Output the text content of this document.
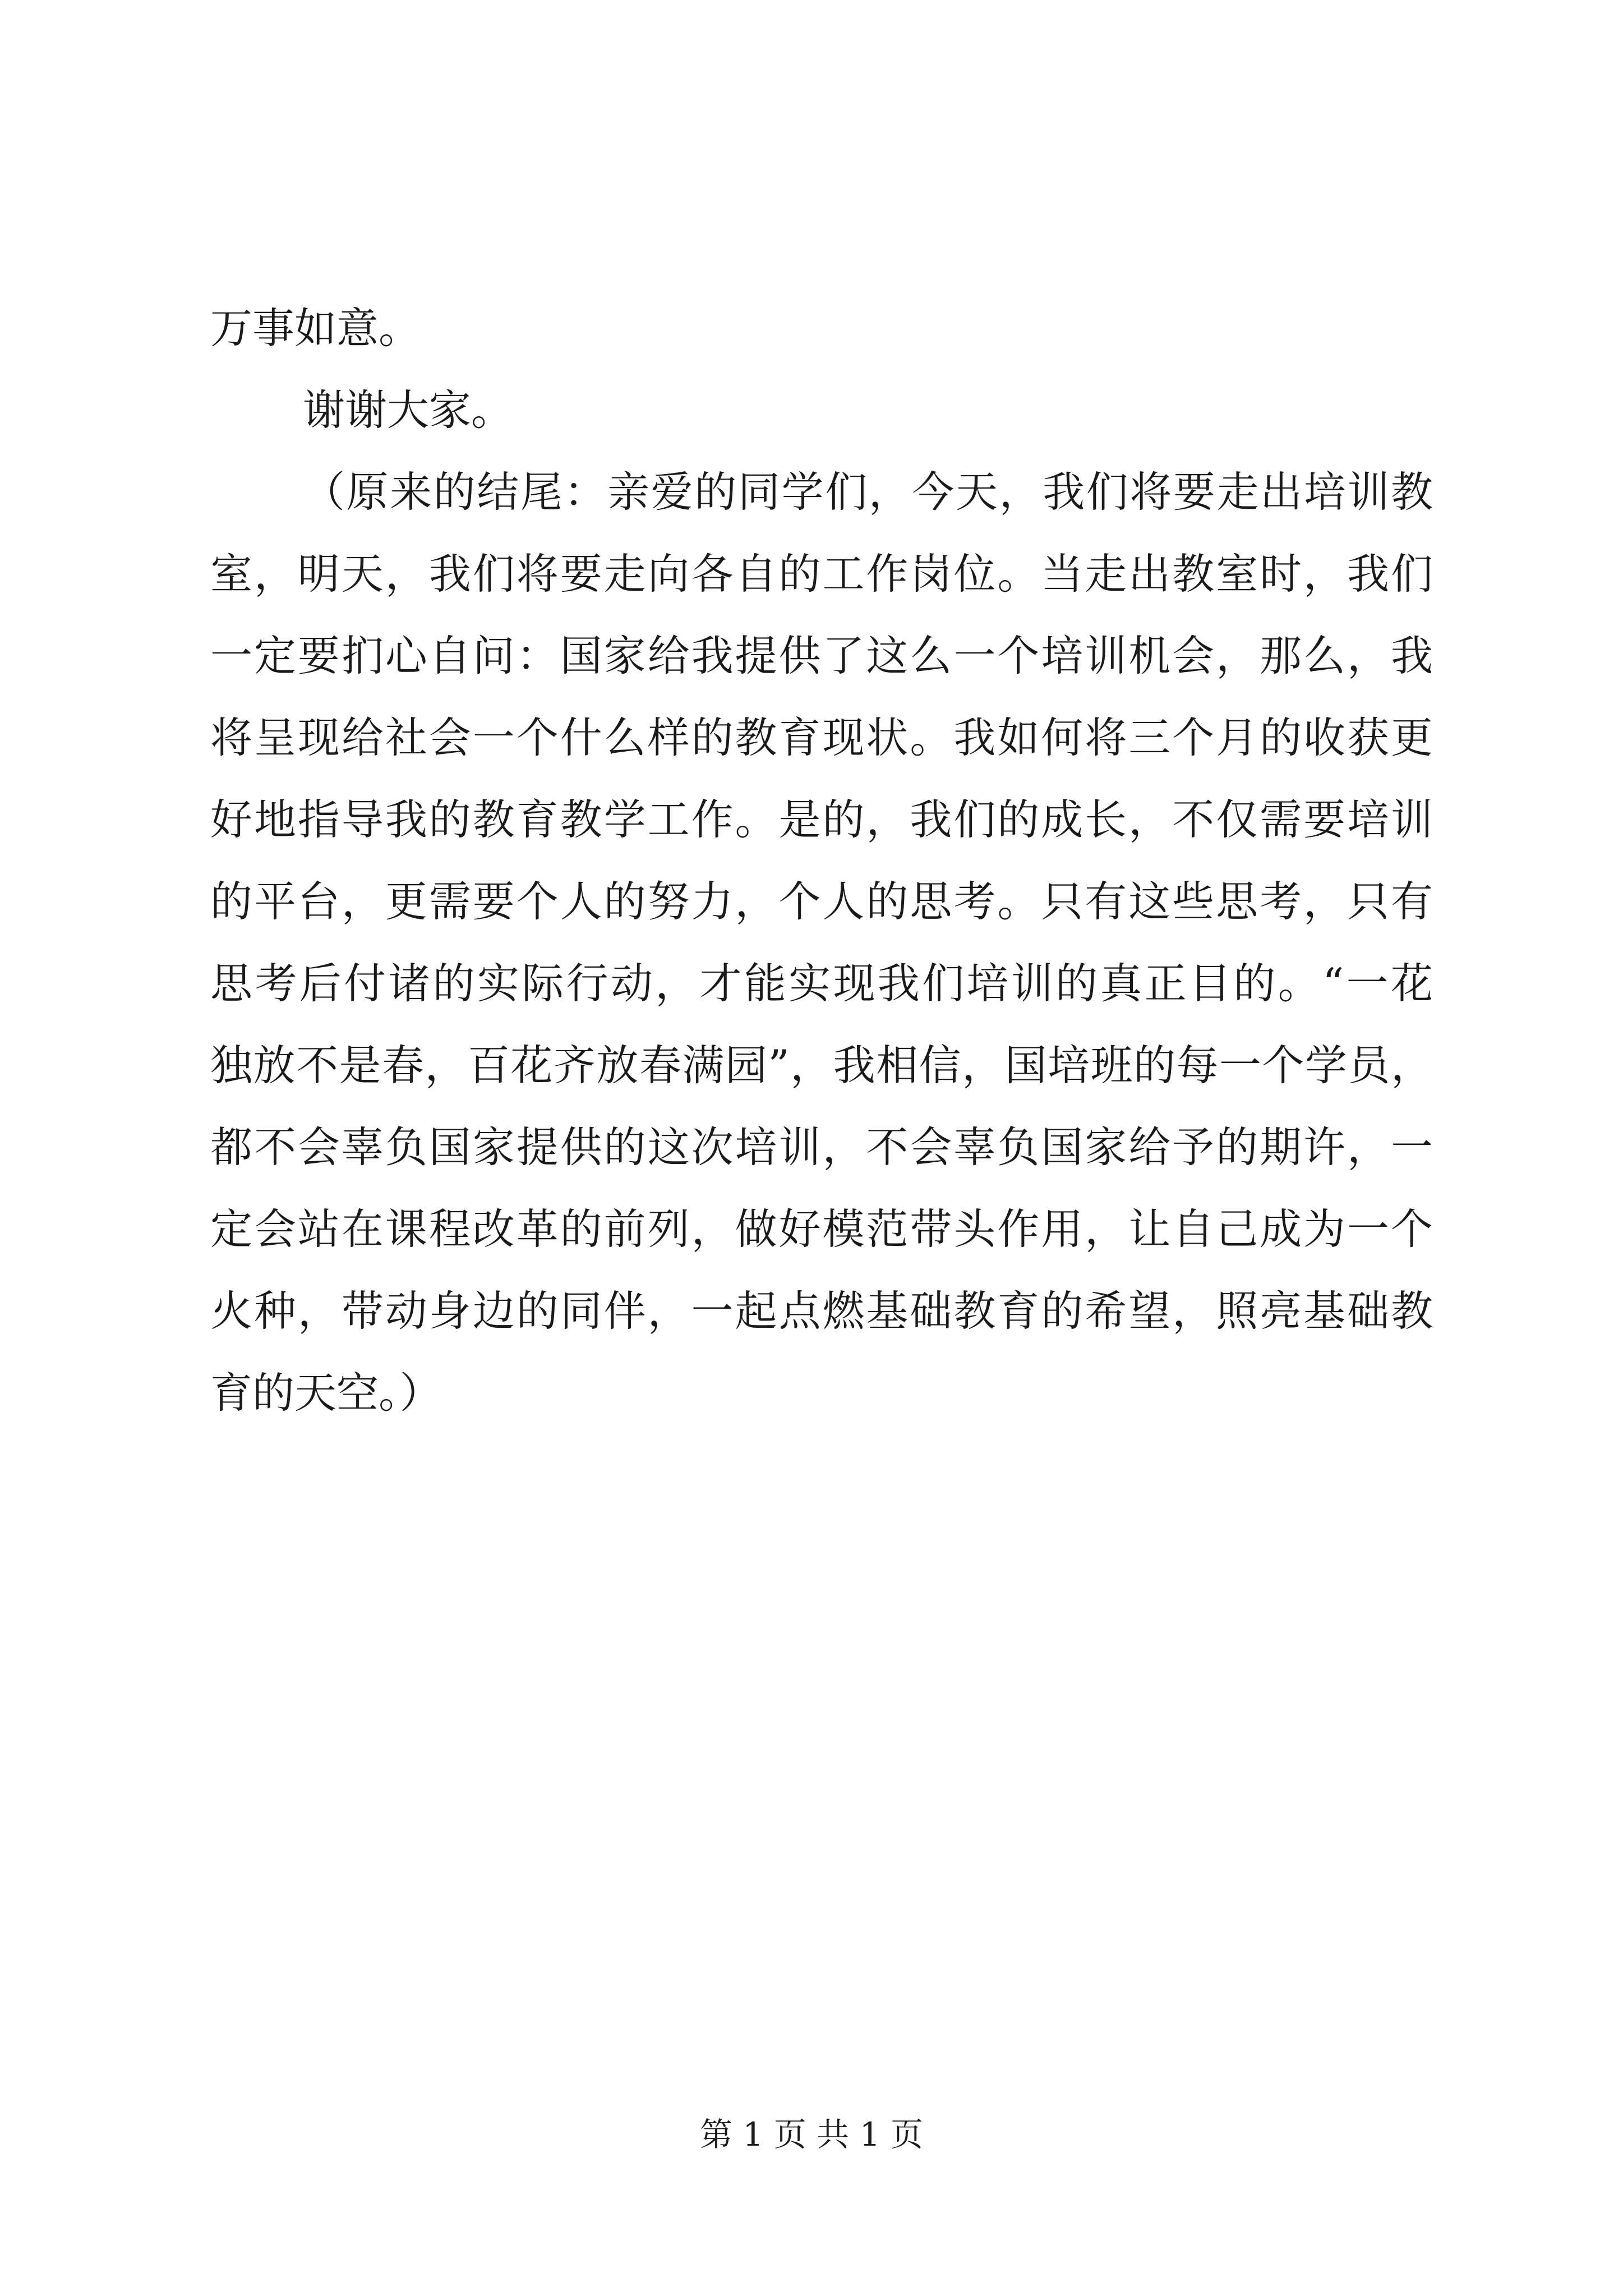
万事如意。
谢谢大家。
（原来的结尾：亲爱的同学们，今天，我们将要走出培训教
室，明天，我们将要走向各自的工作岗位。当走出教室时，我们
一定要扪心自问：国家给我提供了这么一个培训机会，那么，我
将呈现给社会一个什么样的教育现状。我如何将三个月的收获更
好地指导我的教育教学工作。是的，我们的成长，不仅需要培训
的平台，更需要个人的努力，个人的思考。只有这些思考，只有
思考后付诸的实际行动，才能实现我们培训的真正目的。“一花
独放不是春，百花齐放春满园”，我相信，国培班的每一个学员，
都不会辜负国家提供的这次培训，不会辜负国家给予的期许，一
定会站在课程改革的前列，做好模范带头作用，让自己成为一个
火种，带动身边的同伴，一起点燃基础教育的希望，照亮基础教
育的天空。）
第 1 页 共 1 页
